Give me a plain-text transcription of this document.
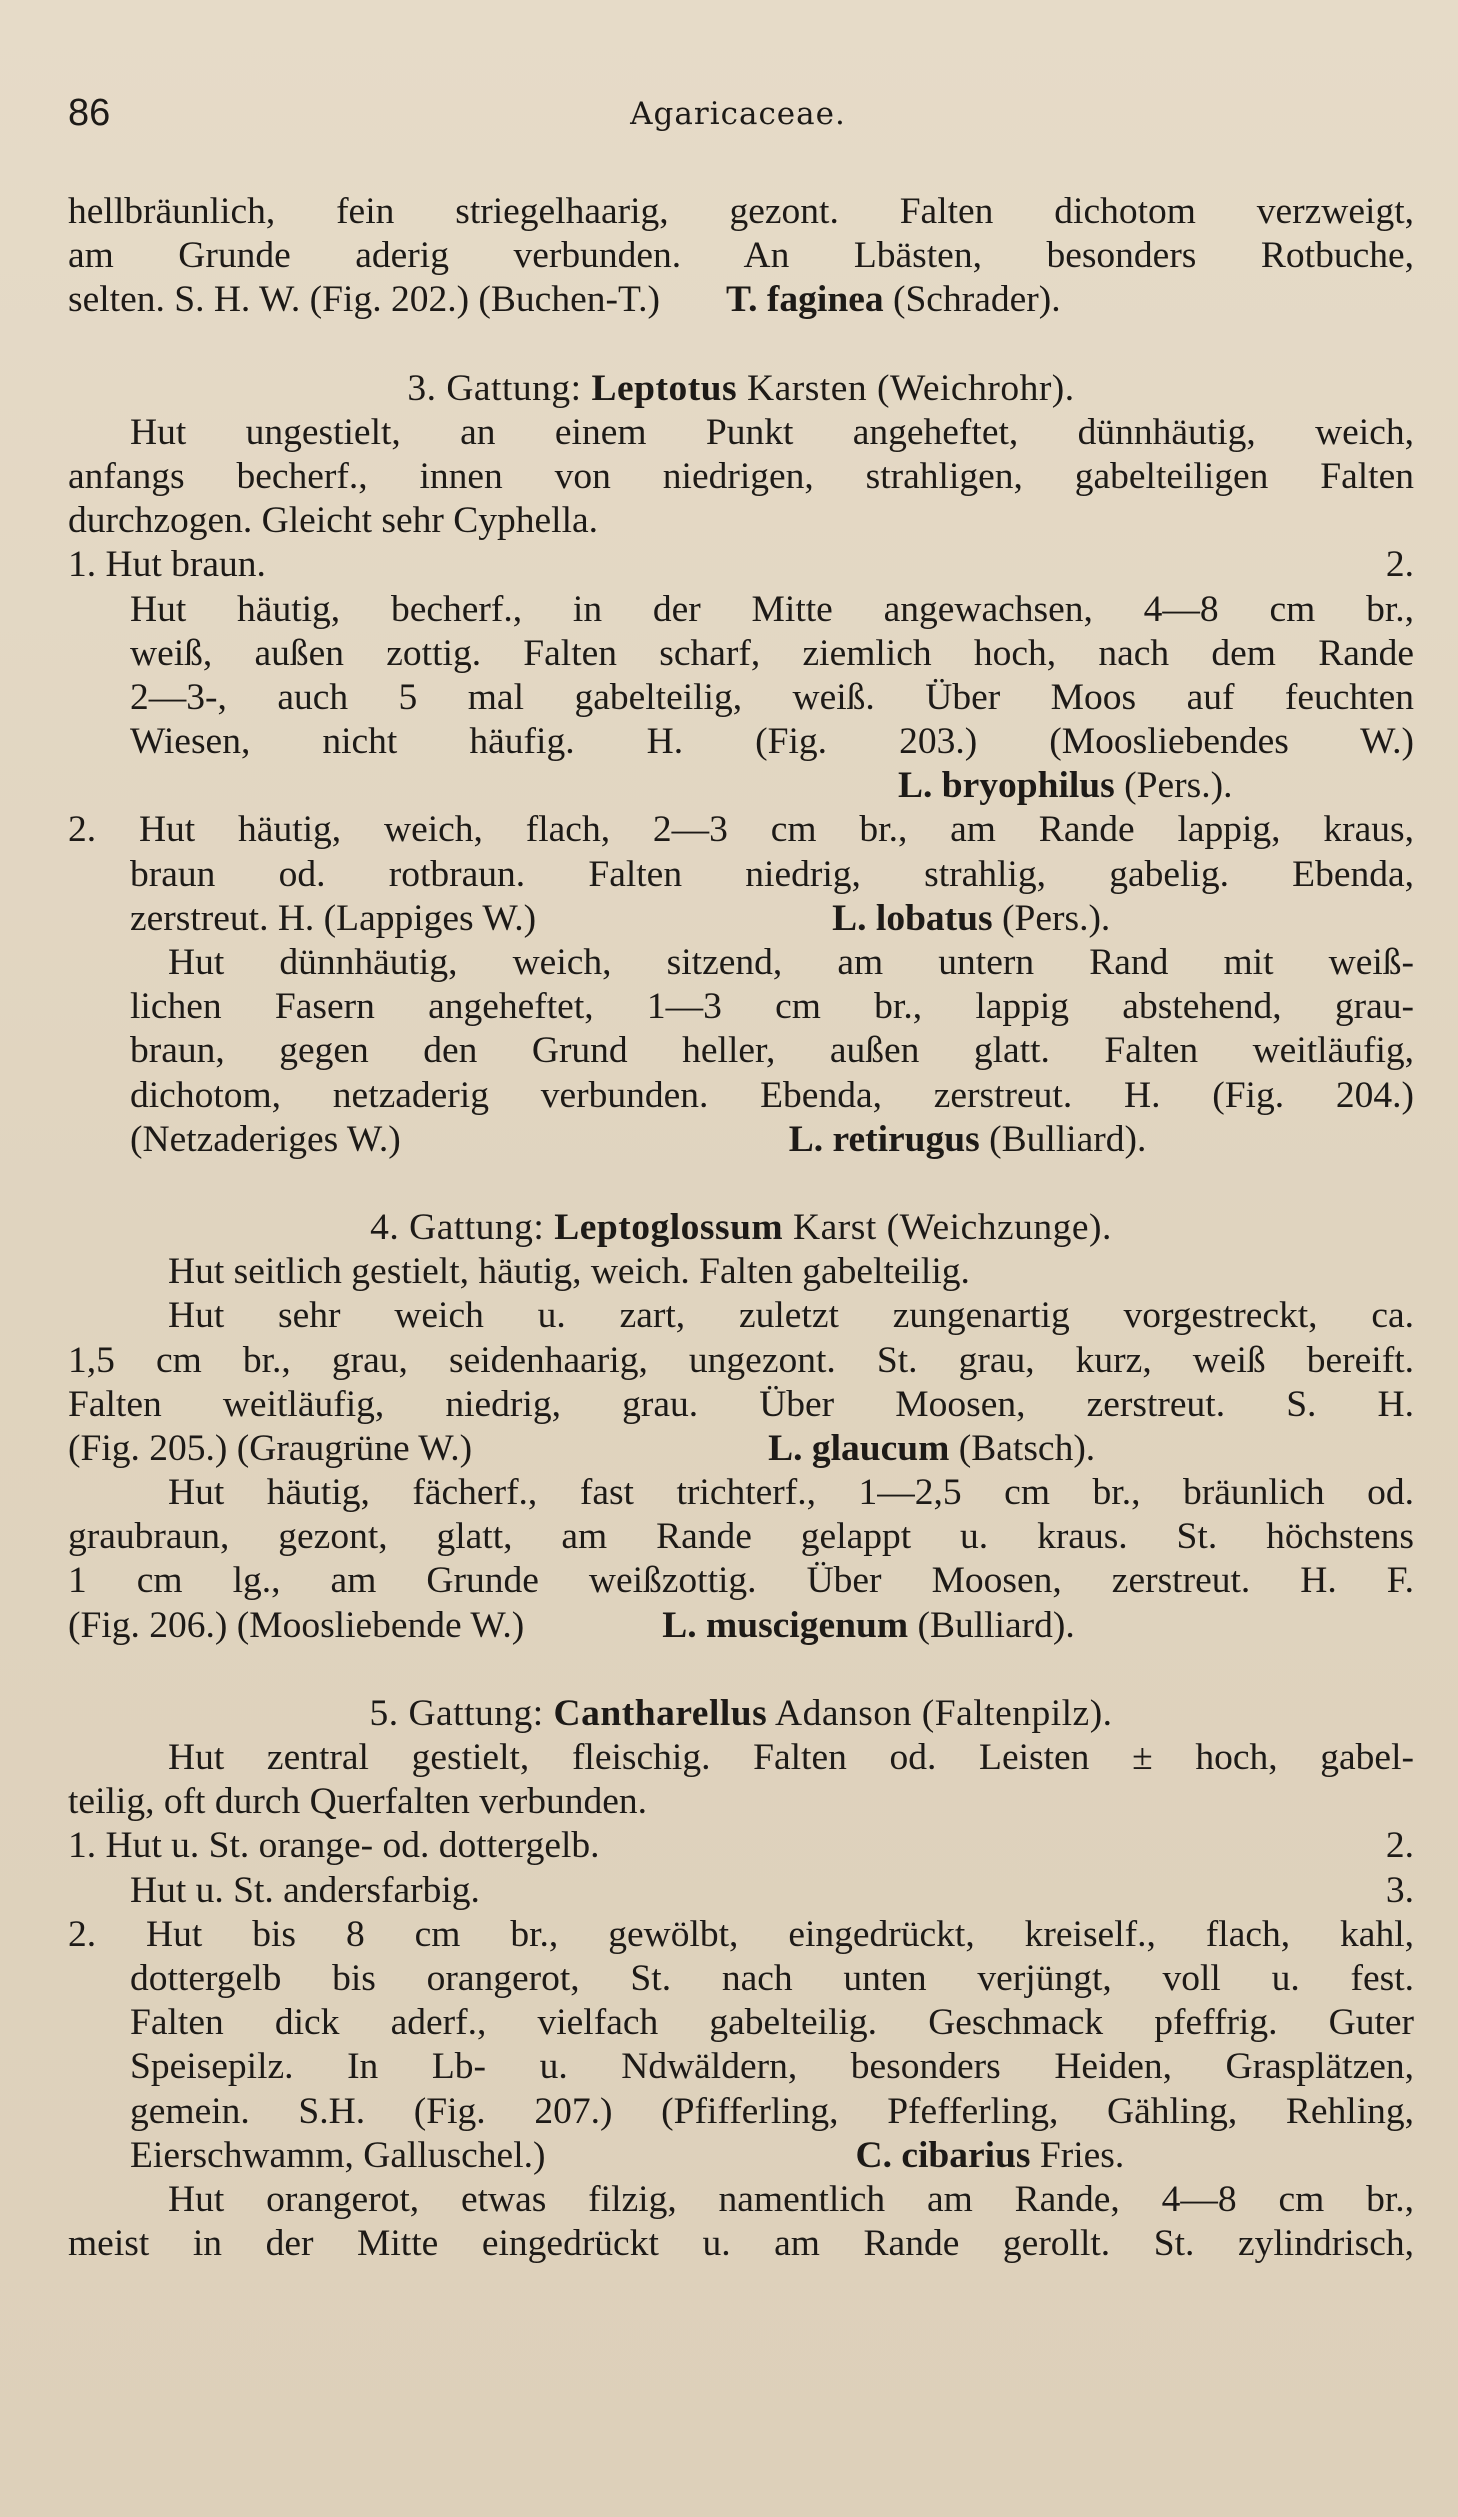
86	Agaricaceae.
hellbräunlich, fein striegelhaarig, gezont. Falten dichotom verzweigt,
am Grunde aderig verbunden. An Lbästen, besonders Rotbuche,
selten. S. H. W. (Fig. 202.) (Buchen-T.) T. faginea (Schrader).
3. Gattung: Leptotus Karsten (Weichrohr).
Hut ungestielt, an einem Punkt angeheftet, dünnhäutig, weich,
anfangs becherf., innen von niedrigen, strahligen, gabelteiligen Falten
durchzogen. Gleicht sehr Cyphella.
1. Hut braun.	2.
Hut häutig, becherf., in der Mitte angewachsen, 4—8 cm br.,
weiß, außen zottig. Falten scharf, ziemlich hoch, nach dem Rande
2—3-, auch 5 mal gabelteilig, weiß. Über Moos auf feuchten
Wiesen, nicht häufig. H. (Fig. 203.) (Moosliebendes W.)
L. bryophilus (Pers.).
2. Hut häutig, weich, flach, 2—3 cm br., am Rande lappig, kraus,
braun od. rotbraun. Falten niedrig, strahlig, gabelig. Ebenda,
zerstreut. H. (Lappiges W.)	L. lobatus (Pers.).
Hut dünnhäutig, weich, sitzend, am untern Rand mit weiß-
lichen Fasern angeheftet, 1—3 cm br., lappig abstehend, grau-
braun, gegen den Grund heller, außen glatt. Falten weitläufig,
dichotom, netzaderig verbunden. Ebenda, zerstreut. H. (Fig. 204.)
(Netzaderiges W.)	L. retirugus (Bulliard).
4. Gattung: Leptoglossum Karst (Weichzunge).
Hut seitlich gestielt, häutig, weich. Falten gabelteilig.
Hut sehr weich u. zart, zuletzt zungenartig vorgestreckt, ca.
1,5 cm br., grau, seidenhaarig, ungezont. St. grau, kurz, weiß bereift.
Falten weitläufig, niedrig, grau. Über Moosen, zerstreut. S. H.
(Fig. 205.) (Graugrüne W.)	L. glaucum (Batsch).
Hut häutig, fächerf., fast trichterf., 1—2,5 cm br., bräunlich od.
graubraun, gezont, glatt, am Rande gelappt u. kraus. St. höchstens
1 cm lg., am Grunde weißzottig. Über Moosen, zerstreut. H. F.
(Fig. 206.) (Moosliebende W.)	L. muscigenum (Bulliard).
5. Gattung: Cantharellus Adanson (Faltenpilz).
Hut zentral gestielt, fleischig. Falten od. Leisten ± hoch, gabel-
teilig, oft durch Querfalten verbunden.
1. Hut u. St. orange- od. dottergelb.	2.
Hut u. St. andersfarbig.	3.
2. Hut bis 8 cm br., gewölbt, eingedrückt, kreiself., flach, kahl,
dottergelb bis orangerot, St. nach unten verjüngt, voll u. fest.
Falten dick aderf., vielfach gabelteilig. Geschmack pfeffrig. Guter
Speisepilz. In Lb- u. Ndwäldern, besonders Heiden, Grasplätzen,
gemein. S.H. (Fig. 207.) (Pfifferling, Pfefferling, Gähling, Rehling,
Eierschwamm, Galluschel.)	C. cibarius Fries.
Hut orangerot, etwas filzig, namentlich am Rande, 4—8 cm br.,
meist in der Mitte eingedrückt u. am Rande gerollt. St. zylindrisch,
